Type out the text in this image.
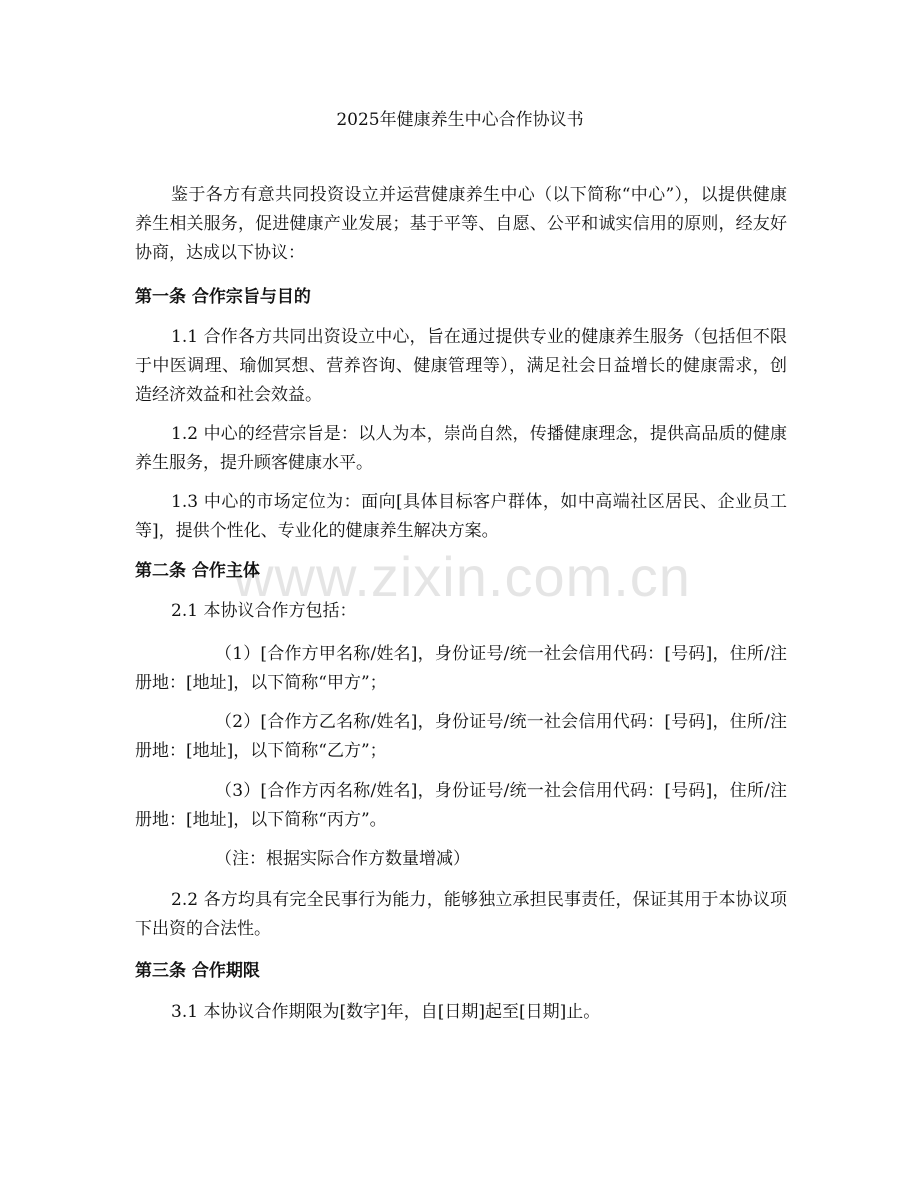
2025年健康养生中心合作协议书
鉴于各方有意共同投资设立并运营健康养生中心（以下简称“中心”），以提供健康养生相关服务，促进健康产业发展；基于平等、自愿、公平和诚实信用的原则，经友好协商，达成以下协议：
第一条 合作宗旨与目的
1.1 合作各方共同出资设立中心，旨在通过提供专业的健康养生服务（包括但不限于中医调理、瑜伽冥想、营养咨询、健康管理等），满足社会日益增长的健康需求，创造经济效益和社会效益。
1.2 中心的经营宗旨是：以人为本，崇尚自然，传播健康理念，提供高品质的健康养生服务，提升顾客健康水平。
1.3 中心的市场定位为：面向[具体目标客户群体，如中高端社区居民、企业员工等]，提供个性化、专业化的健康养生解决方案。
第二条 合作主体
2.1 本协议合作方包括：
（1）[合作方甲名称/姓名]，身份证号/统一社会信用代码：[号码]，住所/注册地：[地址]，以下简称“甲方”；
（2）[合作方乙名称/姓名]，身份证号/统一社会信用代码：[号码]，住所/注册地：[地址]，以下简称“乙方”；
（3）[合作方丙名称/姓名]，身份证号/统一社会信用代码：[号码]，住所/注册地：[地址]，以下简称“丙方”。
（注：根据实际合作方数量增减）
2.2 各方均具有完全民事行为能力，能够独立承担民事责任，保证其用于本协议项下出资的合法性。
第三条 合作期限
3.1 本协议合作期限为[数字]年，自[日期]起至[日期]止。
www.zixin.com.cn
